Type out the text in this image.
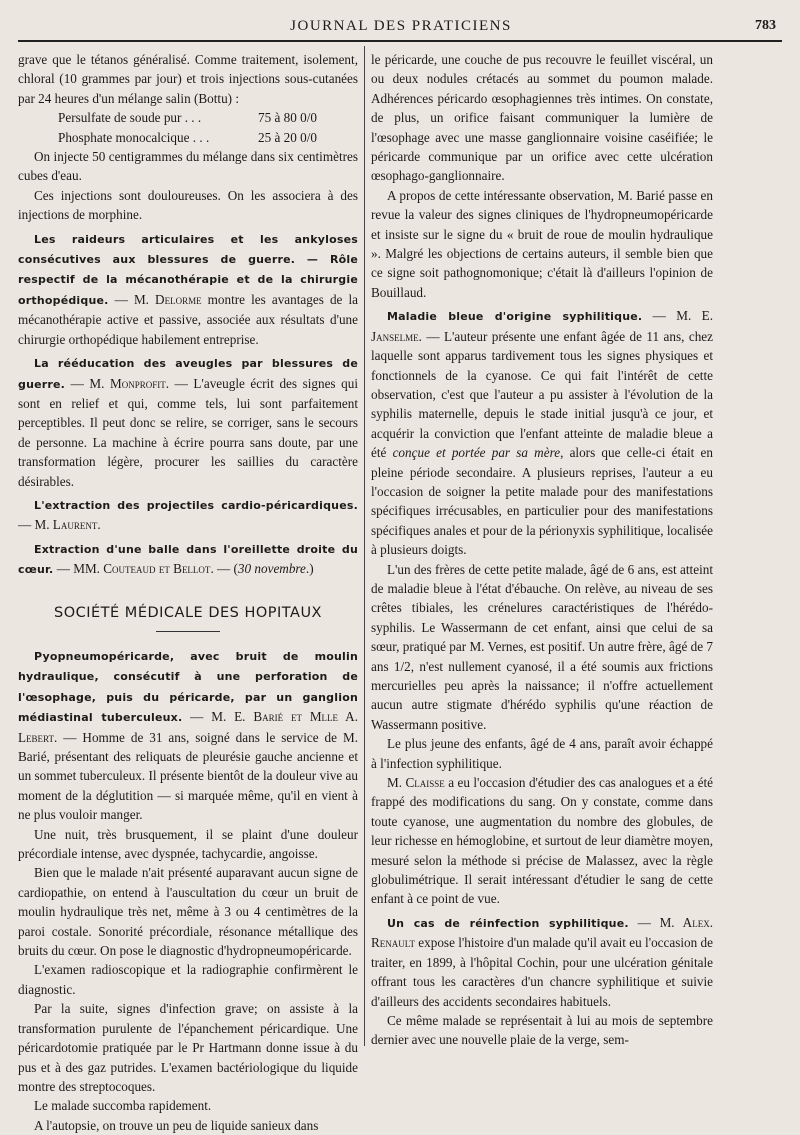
JOURNAL DES PRATICIENS	783

grave que le tétanos généralisé. Comme traitement, isolement, chloral (10 grammes par jour) et trois injections sous-cutanées par 24 heures d'un mélange salin (Bottu) :

Persulfate de soude pur . . .	75 à 80 0/0
Phosphate monocalcique . . .	25 à 20 0/0

On injecte 50 centigrammes du mélange dans six centimètres cubes d'eau.

Ces injections sont douloureuses. On les associera à des injections de morphine.

Les raideurs articulaires et les ankyloses consécutives aux blessures de guerre. — Rôle respectif de la mécanothérapie et de la chirurgie orthopédique. — M. Delorme montre les avantages de la mécanothérapie active et passive, associée aux résultats d'une chirurgie orthopédique habilement entreprise.

La rééducation des aveugles par blessures de guerre. — M. Monprofit. — L'aveugle écrit des signes qui sont en relief et qui, comme tels, lui sont parfaitement perceptibles. Il peut donc se relire, se corriger, sans le secours de personne. La machine à écrire pourra sans doute, par une transformation légère, procurer les saillies du caractère désirables.

L'extraction des projectiles cardio-péricardiques. — M. Laurent.

Extraction d'une balle dans l'oreillette droite du cœur. — MM. Couteaud et Bellot. — (30 novembre.)

SOCIÉTÉ MÉDICALE DES HOPITAUX

Pyopneumopéricarde, avec bruit de moulin hydraulique, consécutif à une perforation de l'œsophage, puis du péricarde, par un ganglion médiastinal tuberculeux. — M. E. Barié et Mlle A. Lebert. — Homme de 31 ans, soigné dans le service de M. Barié, présentant des reliquats de pleurésie gauche ancienne et un sommet tuberculeux. Il présente bientôt de la douleur vive au moment de la déglutition — si marquée même, qu'il en vient à ne plus vouloir manger.

Une nuit, très brusquement, il se plaint d'une douleur précordiale intense, avec dyspnée, tachycardie, angoisse.

Bien que le malade n'ait présenté auparavant aucun signe de cardiopathie, on entend à l'auscultation du cœur un bruit de moulin hydraulique très net, même à 3 ou 4 centimètres de la paroi costale. Sonorité précordiale, résonance métallique des bruits du cœur. On pose le diagnostic d'hydropneumopéricarde.

L'examen radioscopique et la radiographie confirmèrent le diagnostic.

Par la suite, signes d'infection grave; on assiste à la transformation purulente de l'épanchement péricardique. Une péricardotomie pratiquée par le Pr Hartmann donne issue à du pus et à des gaz putrides. L'examen bactériologique du liquide montre des streptocoques.

Le malade succomba rapidement.

A l'autopsie, on trouve un peu de liquide sanieux dans

le péricarde, une couche de pus recouvre le feuillet viscéral, un ou deux nodules crétacés au sommet du poumon malade. Adhérences péricardo œsophagiennes très intimes. On constate, de plus, un orifice faisant communiquer la lumière de l'œsophage avec une masse ganglionnaire voisine caséifiée; le péricarde communique par un orifice avec cette ulcération œsophago-ganglionnaire.

A propos de cette intéressante observation, M. Barié passe en revue la valeur des signes cliniques de l'hydropneumopéricarde et insiste sur le signe du « bruit de roue de moulin hydraulique ». Malgré les objections de certains auteurs, il semble bien que ce signe soit pathognomonique; c'était là d'ailleurs l'opinion de Bouillaud.

Maladie bleue d'origine syphilitique. — M. E. Janselme. — L'auteur présente une enfant âgée de 11 ans, chez laquelle sont apparus tardivement tous les signes physiques et fonctionnels de la cyanose. Ce qui fait l'intérêt de cette observation, c'est que l'auteur a pu assister à l'évolution de la syphilis maternelle, depuis le stade initial jusqu'à ce jour, et acquérir la conviction que l'enfant atteinte de maladie bleue a été conçue et portée par sa mère, alors que celle-ci était en pleine période secondaire. A plusieurs reprises, l'auteur a eu l'occasion de soigner la petite malade pour des manifestations spécifiques irrécusables, en particulier pour des manifestations spécifiques anales et pour de la périonyxis syphilitique, localisée à plusieurs doigts.

L'un des frères de cette petite malade, âgé de 6 ans, est atteint de maladie bleue à l'état d'ébauche. On relève, au niveau de ses crêtes tibiales, les crénelures caractéristiques de l'hérédo-syphilis. Le Wassermann de cet enfant, ainsi que celui de sa sœur, pratiqué par M. Vernes, est positif. Un autre frère, âgé de 7 ans 1/2, n'est nullement cyanosé, il a été soumis aux frictions mercurielles peu après la naissance; il n'offre actuellement aucun autre stigmate d'hérédo syphilis qu'une réaction de Wassermann positive.

Le plus jeune des enfants, âgé de 4 ans, paraît avoir échappé à l'infection syphilitique.

M. Claisse a eu l'occasion d'étudier des cas analogues et a été frappé des modifications du sang. On y constate, comme dans toute cyanose, une augmentation du nombre des globules, de leur richesse en hémoglobine, et surtout de leur diamètre moyen, mesuré selon la méthode si précise de Malassez, avec la règle globulimétrique. Il serait intéressant d'étudier le sang de cette enfant à ce point de vue.

Un cas de réinfection syphilitique. — M. Alex. Renault expose l'histoire d'un malade qu'il avait eu l'occasion de traiter, en 1899, à l'hôpital Cochin, pour une ulcération génitale offrant tous les caractères d'un chancre syphilitique et suivie d'ailleurs des accidents secondaires habituels.

Ce même malade se représentait à lui au mois de septembre dernier avec une nouvelle plaie de la verge, sem-
